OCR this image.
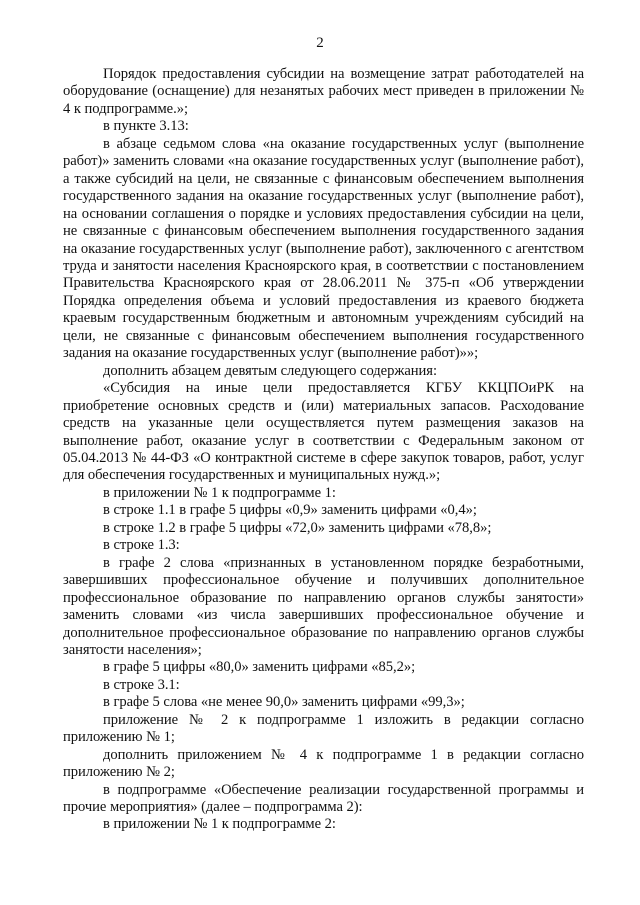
2

Порядок предоставления субсидии на возмещение затрат работодателей на оборудование (оснащение) для незанятых рабочих мест приведен в приложении № 4 к подпрограмме.»;

в пункте 3.13:

в абзаце седьмом слова «на оказание государственных услуг (выполнение работ)» заменить словами «на оказание государственных услуг (выполнение работ), а также субсидий на цели, не связанные с финансовым обеспечением выполнения государственного задания на оказание государственных услуг (выполнение работ), на основании соглашения о порядке и условиях предоставления субсидии на цели, не связанные с финансовым обеспечением выполнения государственного задания на оказание государственных услуг (выполнение работ), заключенного с агентством труда и занятости населения Красноярского края, в соответствии с постановлением Правительства Красноярского края от 28.06.2011 № 375-п «Об утверждении Порядка определения объема и условий предоставления из краевого бюджета краевым государственным бюджетным и автономным учреждениям субсидий на цели, не связанные с финансовым обеспечением выполнения государственного задания на оказание государственных услуг (выполнение работ)»»;

дополнить абзацем девятым следующего содержания:

«Субсидия на иные цели предоставляется КГБУ ККЦПОиРК на приобретение основных средств и (или) материальных запасов. Расходование средств на указанные цели осуществляется путем размещения заказов на выполнение работ, оказание услуг в соответствии с Федеральным законом от 05.04.2013 № 44-ФЗ «О контрактной системе в сфере закупок товаров, работ, услуг для обеспечения государственных и муниципальных нужд.»;

в приложении № 1 к подпрограмме 1:

в строке 1.1 в графе 5 цифры «0,9» заменить цифрами «0,4»;

в строке 1.2 в графе 5 цифры «72,0» заменить цифрами «78,8»;

в строке 1.3:

в графе 2 слова «признанных в установленном порядке безработными, завершивших профессиональное обучение и получивших дополнительное профессиональное образование по направлению органов службы занятости» заменить словами «из числа завершивших профессиональное обучение и дополнительное профессиональное образование по направлению органов службы занятости населения»;

в графе 5 цифры «80,0» заменить цифрами «85,2»;

в строке 3.1:

в графе 5 слова «не менее 90,0» заменить цифрами «99,3»;

приложение № 2 к подпрограмме 1 изложить в редакции согласно приложению № 1;

дополнить приложением № 4 к подпрограмме 1 в редакции согласно приложению № 2;

в подпрограмме «Обеспечение реализации государственной программы и прочие мероприятия» (далее – подпрограмма 2):

в приложении № 1 к подпрограмме 2:
